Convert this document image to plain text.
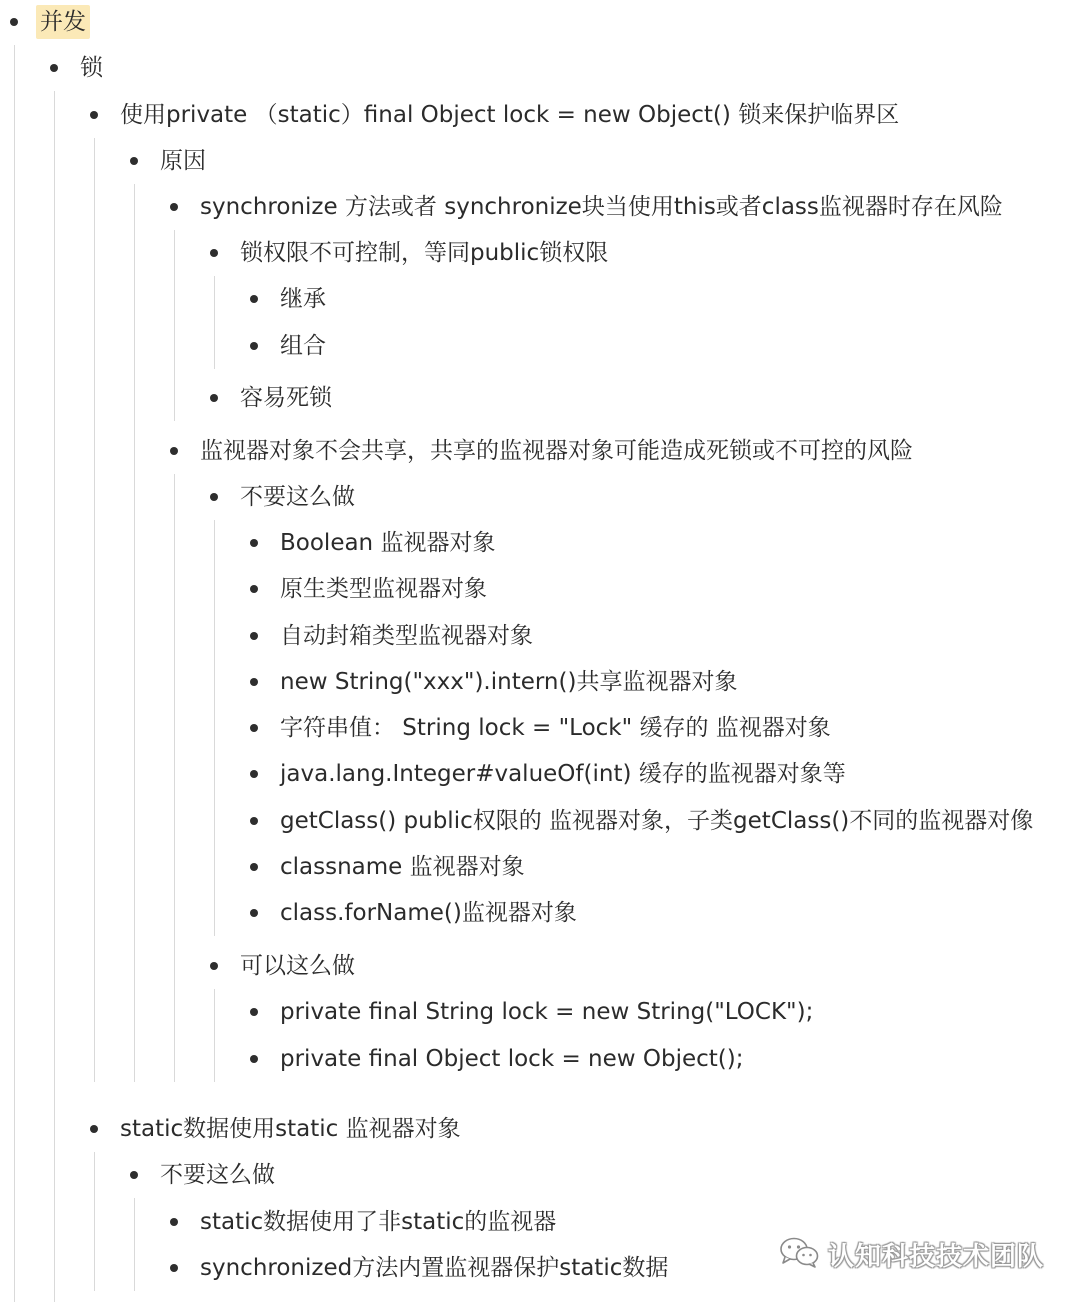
并发
锁
使用private （static）final Object lock = new Object() 锁来保护临界区
原因
synchronize 方法或者 synchronize块当使用this或者class监视器时存在风险
锁权限不可控制，等同public锁权限
继承
组合
容易死锁
监视器对象不会共享，共享的监视器对象可能造成死锁或不可控的风险
不要这么做
Boolean 监视器对象
原生类型监视器对象
自动封箱类型监视器对象
new String("xxx").intern()共享监视器对象
字符串值： String lock = "Lock" 缓存的 监视器对象
java.lang.Integer#valueOf(int) 缓存的监视器对象等
getClass() public权限的 监视器对象，子类getClass()不同的监视器对像
classname 监视器对象
class.forName()监视器对象
可以这么做
private final String lock = new String("LOCK");
private final Object lock = new Object();
static数据使用static 监视器对象
不要这么做
static数据使用了非static的监视器
synchronized方法内置监视器保护static数据	认知科技技术团队
